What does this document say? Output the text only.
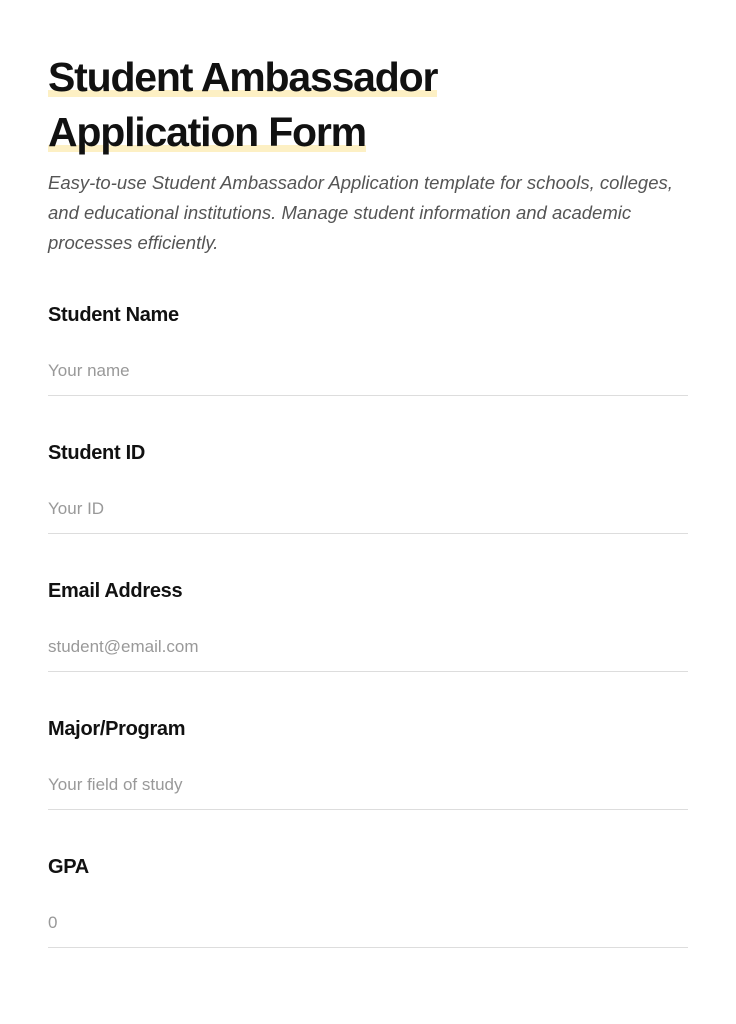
Student Ambassador
Application Form
Easy-to-use Student Ambassador Application template for schools, colleges, and educational institutions. Manage student information and academic processes efficiently.
Student Name
Your name
Student ID
Your ID
Email Address
student@email.com
Major/Program
Your field of study
GPA
0
